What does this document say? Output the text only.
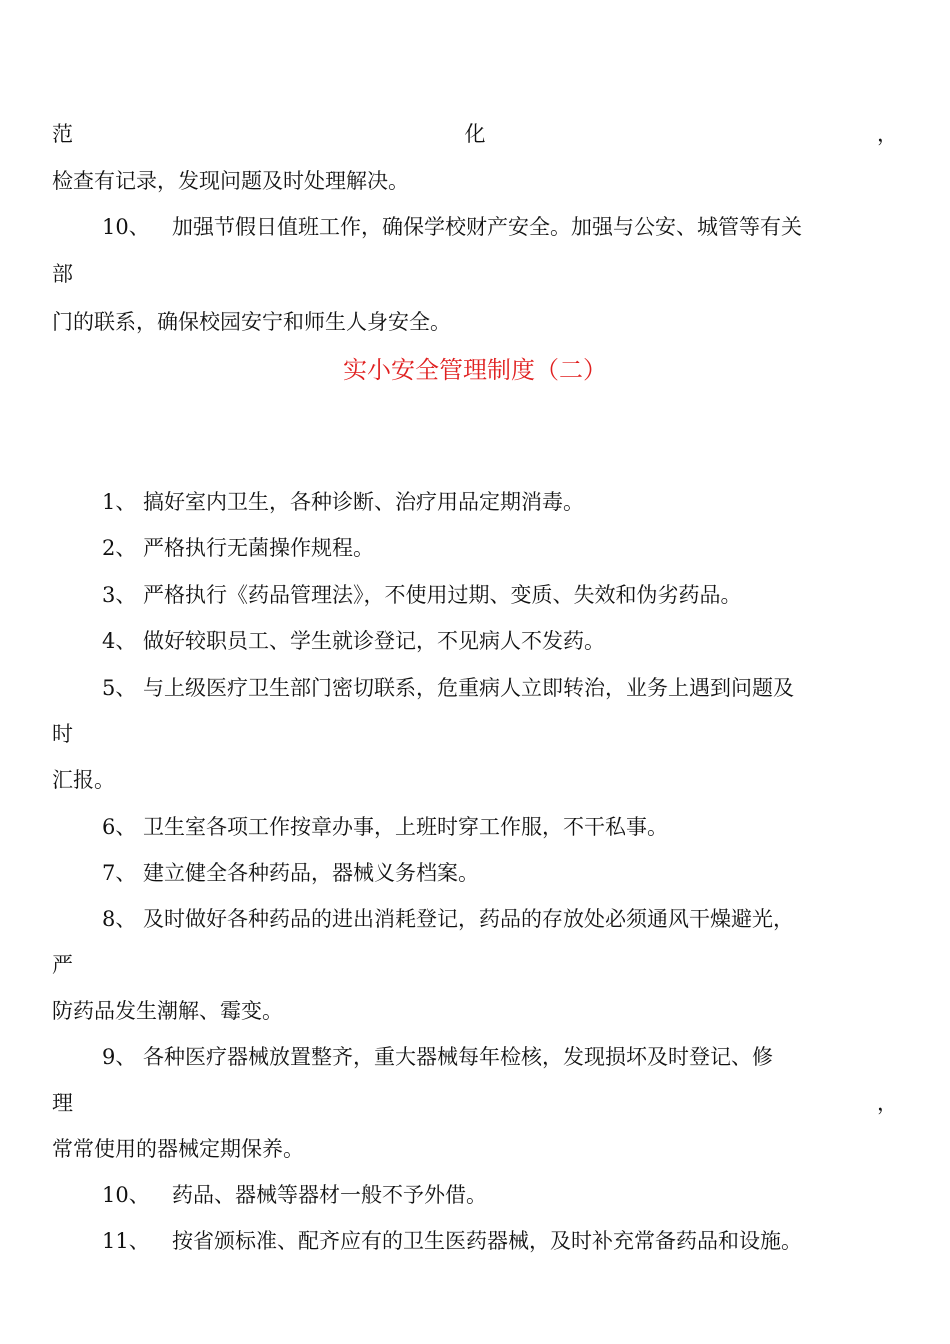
范	化	，
检查有记录，发现问题及时处理解决。
10、 加强节假日值班工作，确保学校财产安全。加强与公安、城管等有关
部
门的联系，确保校园安宁和师生人身安全。
实小安全管理制度（二）
1、 搞好室内卫生，各种诊断、治疗用品定期消毒。
2、 严格执行无菌操作规程。
3、 严格执行《药品管理法》，不使用过期、变质、失效和伪劣药品。
4、 做好较职员工、学生就诊登记，不见病人不发药。
5、 与上级医疗卫生部门密切联系，危重病人立即转治，业务上遇到问题及
时
汇报。
6、 卫生室各项工作按章办事，上班时穿工作服，不干私事。
7、 建立健全各种药品，器械义务档案。
8、 及时做好各种药品的进出消耗登记，药品的存放处必须通风干燥避光，
严
防药品发生潮解、霉变。
9、 各种医疗器械放置整齐，重大器械每年检核，发现损坏及时登记、修
理	，
常常使用的器械定期保养。
10、 药品、器械等器材一般不予外借。
11、 按省颁标准、配齐应有的卫生医药器械，及时补充常备药品和设施。
